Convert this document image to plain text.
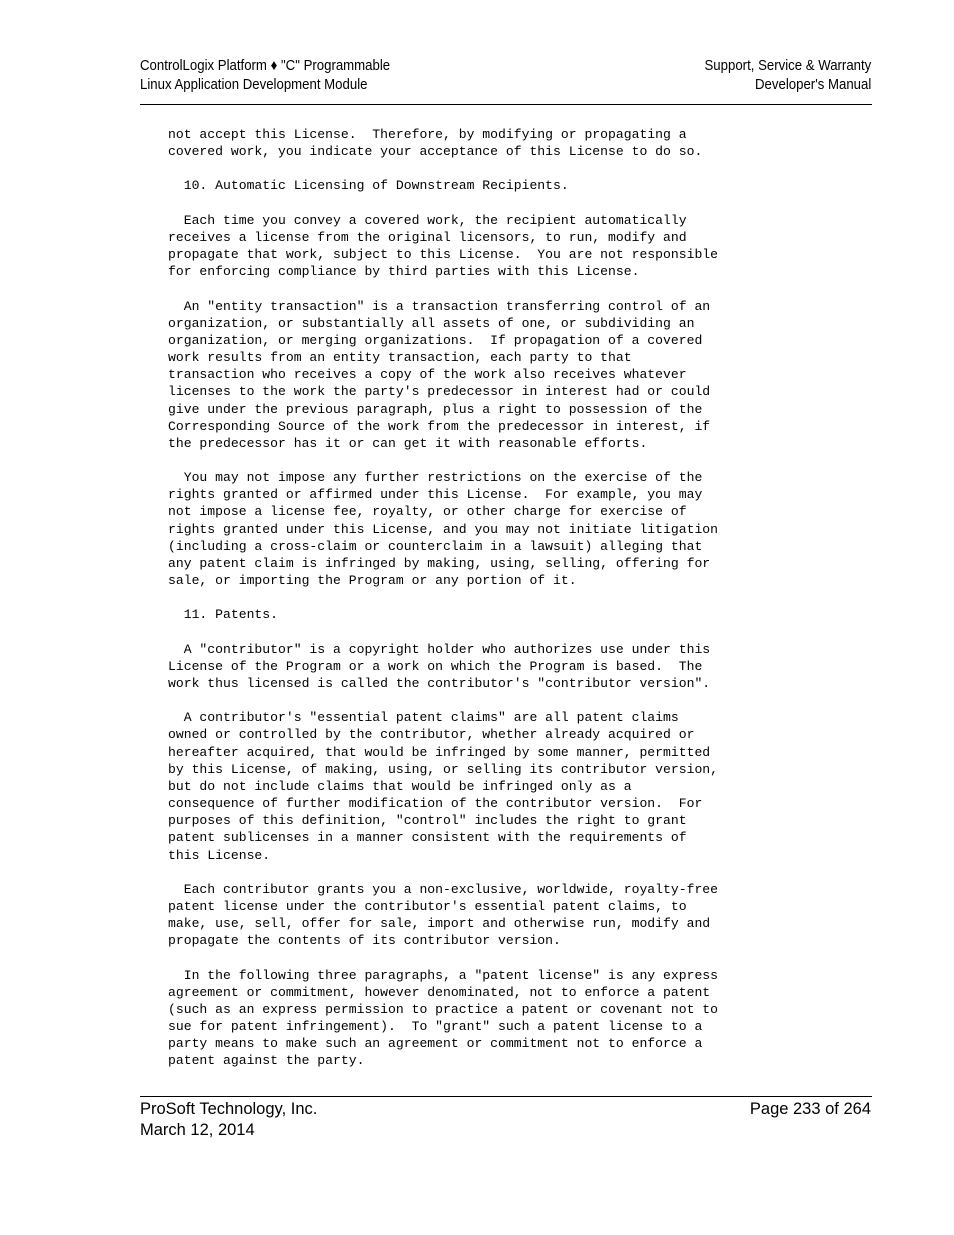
ControlLogix Platform ♦ "C" Programmable
Linux Application Development Module
Support, Service & Warranty
Developer's Manual
not accept this License.  Therefore, by modifying or propagating a
covered work, you indicate your acceptance of this License to do so.

10. Automatic Licensing of Downstream Recipients.

Each time you convey a covered work, the recipient automatically
receives a license from the original licensors, to run, modify and
propagate that work, subject to this License.  You are not responsible
for enforcing compliance by third parties with this License.

An "entity transaction" is a transaction transferring control of an
organization, or substantially all assets of one, or subdividing an
organization, or merging organizations.  If propagation of a covered
work results from an entity transaction, each party to that
transaction who receives a copy of the work also receives whatever
licenses to the work the party's predecessor in interest had or could
give under the previous paragraph, plus a right to possession of the
Corresponding Source of the work from the predecessor in interest, if
the predecessor has it or can get it with reasonable efforts.

You may not impose any further restrictions on the exercise of the
rights granted or affirmed under this License.  For example, you may
not impose a license fee, royalty, or other charge for exercise of
rights granted under this License, and you may not initiate litigation
(including a cross-claim or counterclaim in a lawsuit) alleging that
any patent claim is infringed by making, using, selling, offering for
sale, or importing the Program or any portion of it.

11. Patents.

A "contributor" is a copyright holder who authorizes use under this
License of the Program or a work on which the Program is based.  The
work thus licensed is called the contributor's "contributor version".

A contributor's "essential patent claims" are all patent claims
owned or controlled by the contributor, whether already acquired or
hereafter acquired, that would be infringed by some manner, permitted
by this License, of making, using, or selling its contributor version,
but do not include claims that would be infringed only as a
consequence of further modification of the contributor version.  For
purposes of this definition, "control" includes the right to grant
patent sublicenses in a manner consistent with the requirements of
this License.

Each contributor grants you a non-exclusive, worldwide, royalty-free
patent license under the contributor's essential patent claims, to
make, use, sell, offer for sale, import and otherwise run, modify and
propagate the contents of its contributor version.

In the following three paragraphs, a "patent license" is any express
agreement or commitment, however denominated, not to enforce a patent
(such as an express permission to practice a patent or covenant not to
sue for patent infringement).  To "grant" such a patent license to a
party means to make such an agreement or commitment not to enforce a
patent against the party.
ProSoft Technology, Inc.
March 12, 2014
Page 233 of 264
